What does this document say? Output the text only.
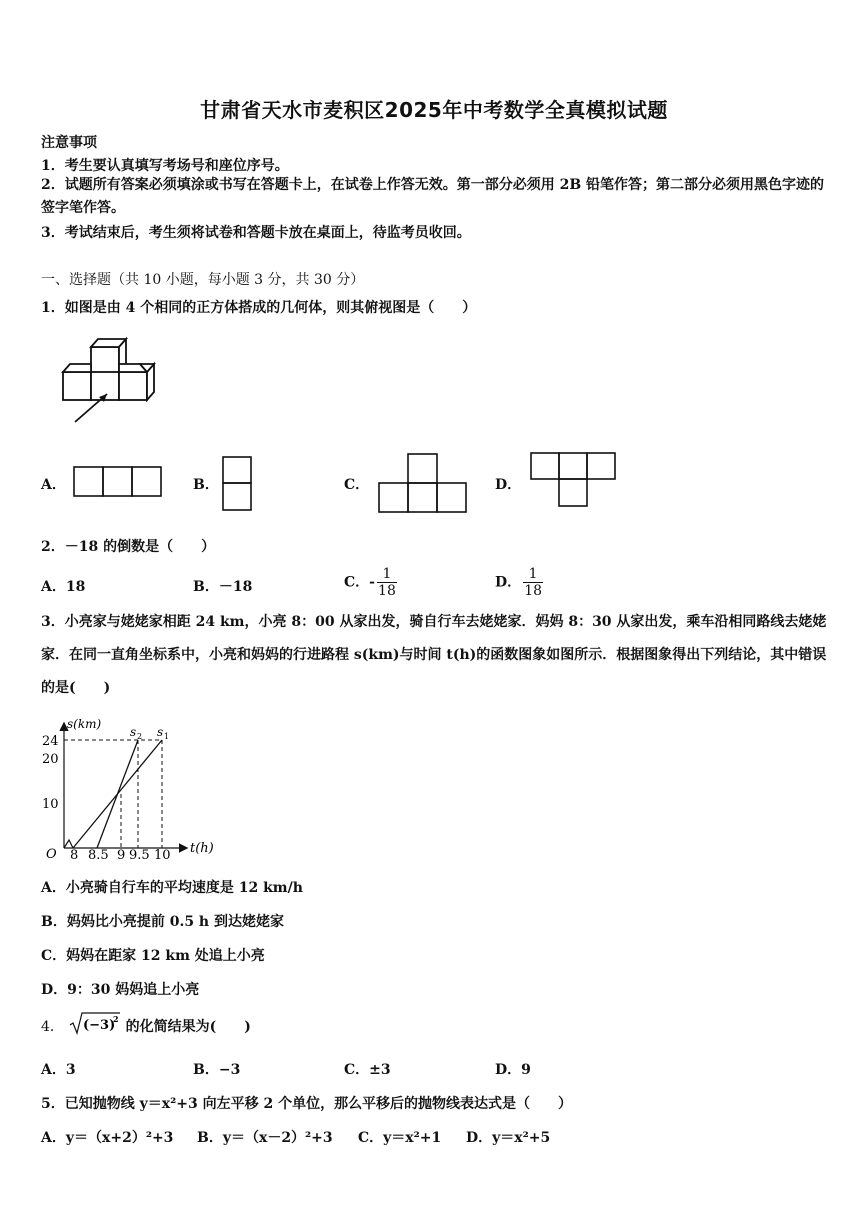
甘肃省天水市麦积区2025年中考数学全真模拟试题
注意事项
1．考生要认真填写考场号和座位序号。
2．试题所有答案必须填涂或书写在答题卡上，在试卷上作答无效。第一部分必须用 2B 铅笔作答；第二部分必须用黑色字迹的签字笔作答。
3．考试结束后，考生须将试卷和答题卡放在桌面上，待监考员收回。
一、选择题（共 10 小题，每小题 3 分，共 30 分）
1．如图是由 4 个相同的正方体搭成的几何体，则其俯视图是（　　）
A．	B．	C．	D．
2．－18 的倒数是（　　）
A．18	B．－18	C．- $\frac{1}{18}$	D． $\frac{1}{18}$
3．小亮家与姥姥家相距 24 km，小亮 8：00 从家出发，骑自行车去姥姥家．妈妈 8：30 从家出发，乘车沿相同路线去姥姥家．在同一直角坐标系中，小亮和妈妈的行进路程 s(km)与时间 t(h)的函数图象如图所示．根据图象得出下列结论，其中错误的是(　　)
s(km)
t(h)
O
24
20
10
8 8.5 9 9.5 10
s 2 s 1
A．小亮骑自行车的平均速度是 12 km/h
B．妈妈比小亮提前 0.5 h 到达姥姥家
C．妈妈在距家 12 km 处追上小亮
D．9：30 妈妈追上小亮
4． (−3)
2 的化简结果为(　　)
A．3	B．−3	C．±3	D．9
5．已知抛物线 y＝x²+3 向左平移 2 个单位，那么平移后的抛物线表达式是（　　）
A．y＝（x+2）²+3 B．y＝（x－2）²+3 C．y＝x²+1 D．y＝x²+5
